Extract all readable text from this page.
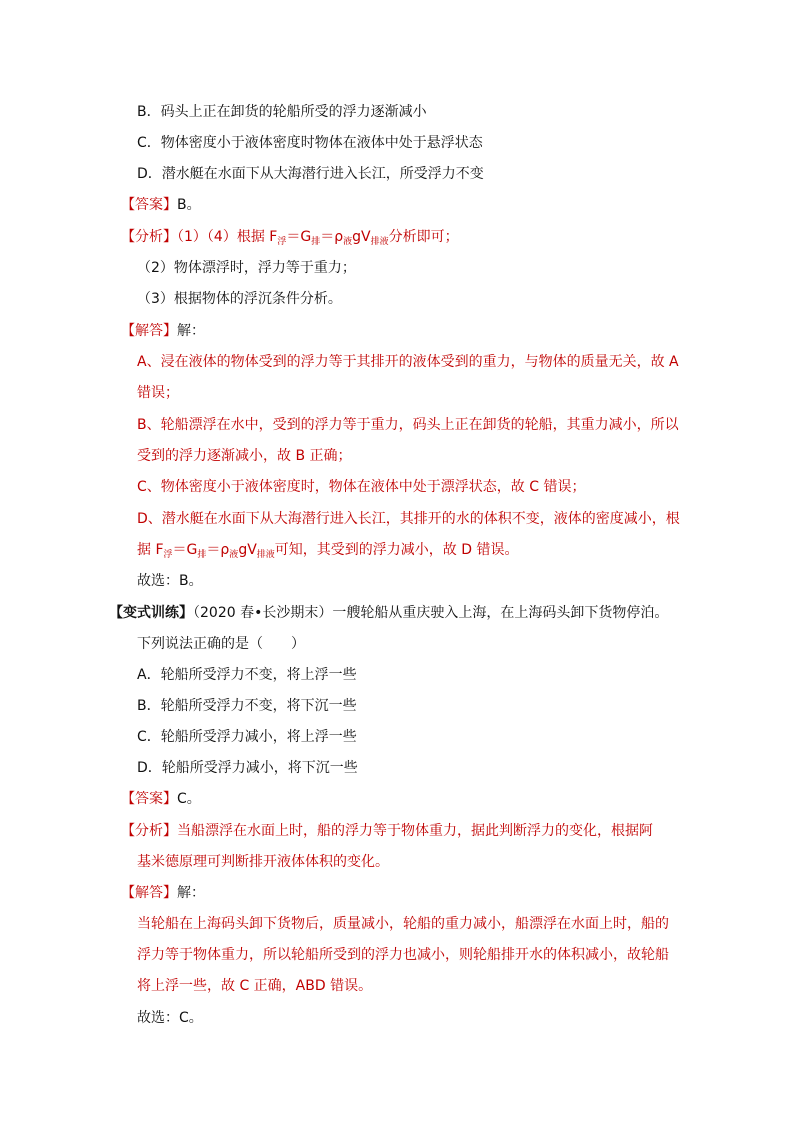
B．码头上正在卸货的轮船所受的浮力逐渐减小
C．物体密度小于液体密度时物体在液体中处于悬浮状态
D．潜水艇在水面下从大海潜行进入长江，所受浮力不变
【答案】B。
【分析】（1）（4）根据 $F_浮=G_排=\rho_液gV_{排液}$分析即可；
（2）物体漂浮时，浮力等于重力；
（3）根据物体的浮沉条件分析。
【解答】解：
A、浸在液体的物体受到的浮力等于其排开的液体受到的重力，与物体的质量无关，故 A
错误；
B、轮船漂浮在水中，受到的浮力等于重力，码头上正在卸货的轮船，其重力减小，所以
受到的浮力逐渐减小，故 B 正确；
C、物体密度小于液体密度时，物体在液体中处于漂浮状态，故 C 错误；
D、潜水艇在水面下从大海潜行进入长江，其排开的水的体积不变，液体的密度减小，根
据 $F_浮=G_排=\rho_液gV_{排液}$可知，其受到的浮力减小，故 D 错误。
故选：B。
【变式训练】（2020 春•长沙期末）一艘轮船从重庆驶入上海，在上海码头卸下货物停泊。
下列说法正确的是（　　）
A．轮船所受浮力不变，将上浮一些
B．轮船所受浮力不变，将下沉一些
C．轮船所受浮力减小，将上浮一些
D．轮船所受浮力减小，将下沉一些
【答案】C。
【分析】当船漂浮在水面上时，船的浮力等于物体重力，据此判断浮力的变化，根据阿
基米德原理可判断排开液体体积的变化。
【解答】解：
当轮船在上海码头卸下货物后，质量减小，轮船的重力减小，船漂浮在水面上时，船的
浮力等于物体重力，所以轮船所受到的浮力也减小，则轮船排开水的体积减小，故轮船
将上浮一些，故 C 正确，ABD 错误。
故选：C。
